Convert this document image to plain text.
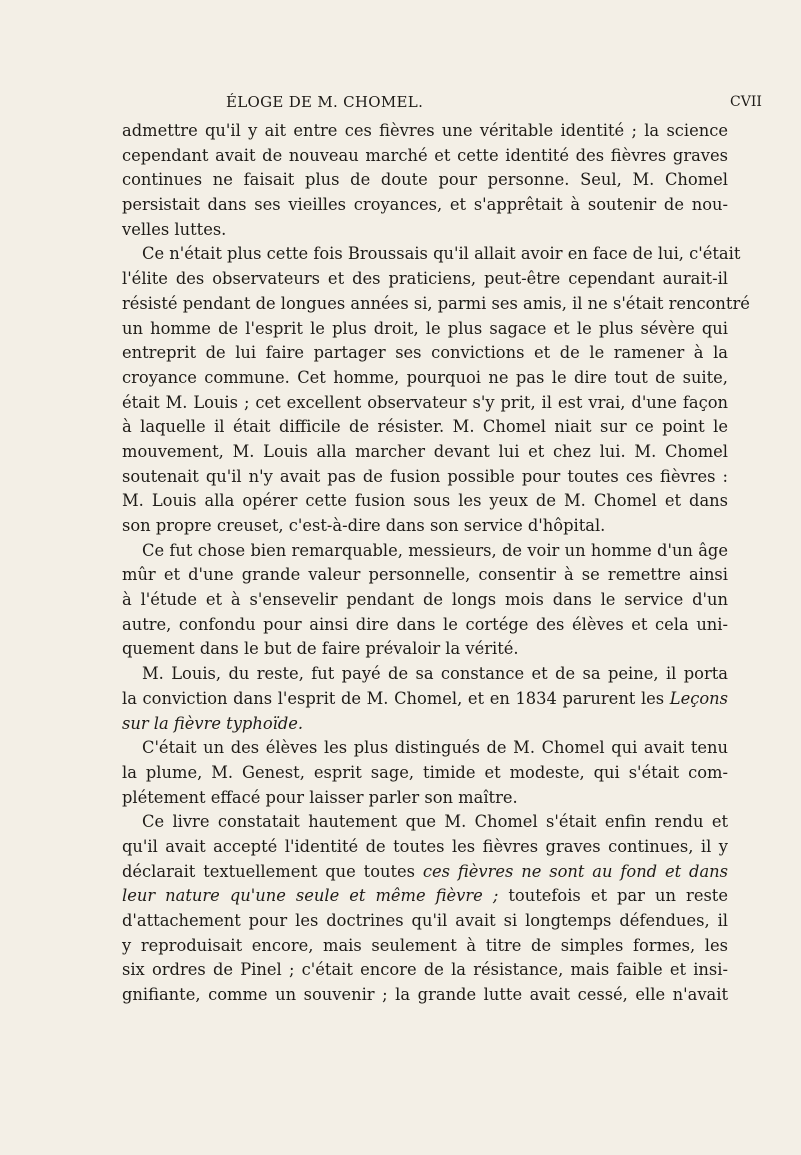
ÉLOGE DE M. CHOMEL.	CVII
admettre qu'il y ait entre ces fièvres une véritable identité ; la science
cependant avait de nouveau marché et cette identité des fièvres graves
continues ne faisait plus de doute pour personne. Seul, M. Chomel
persistait dans ses vieilles croyances, et s'apprêtait à soutenir de nou-
velles luttes.
Ce n'était plus cette fois Broussais qu'il allait avoir en face de lui, c'était
l'élite des observateurs et des praticiens, peut-être cependant aurait-il
résisté pendant de longues années si, parmi ses amis, il ne s'était rencontré
un homme de l'esprit le plus droit, le plus sagace et le plus sévère qui
entreprit de lui faire partager ses convictions et de le ramener à la
croyance commune. Cet homme, pourquoi ne pas le dire tout de suite,
était M. Louis ; cet excellent observateur s'y prit, il est vrai, d'une façon
à laquelle il était difficile de résister. M. Chomel niait sur ce point le
mouvement, M. Louis alla marcher devant lui et chez lui. M. Chomel
soutenait qu'il n'y avait pas de fusion possible pour toutes ces fièvres :
M. Louis alla opérer cette fusion sous les yeux de M. Chomel et dans
son propre creuset, c'est-à-dire dans son service d'hôpital.
Ce fut chose bien remarquable, messieurs, de voir un homme d'un âge
mûr et d'une grande valeur personnelle, consentir à se remettre ainsi
à l'étude et à s'ensevelir pendant de longs mois dans le service d'un
autre, confondu pour ainsi dire dans le cortége des élèves et cela uni-
quement dans le but de faire prévaloir la vérité.
M. Louis, du reste, fut payé de sa constance et de sa peine, il porta
la conviction dans l'esprit de M. Chomel, et en 1834 parurent les Leçons
sur la fièvre typhoïde.
C'était un des élèves les plus distingués de M. Chomel qui avait tenu
la plume, M. Genest, esprit sage, timide et modeste, qui s'était com-
plétement effacé pour laisser parler son maître.
Ce livre constatait hautement que M. Chomel s'était enfin rendu et
qu'il avait accepté l'identité de toutes les fièvres graves continues, il y
déclarait textuellement que toutes ces fièvres ne sont au fond et dans
leur nature qu'une seule et même fièvre ; toutefois et par un reste
d'attachement pour les doctrines qu'il avait si longtemps défendues, il
y reproduisait encore, mais seulement à titre de simples formes, les
six ordres de Pinel ; c'était encore de la résistance, mais faible et insi-
gnifiante, comme un souvenir ; la grande lutte avait cessé, elle n'avait
